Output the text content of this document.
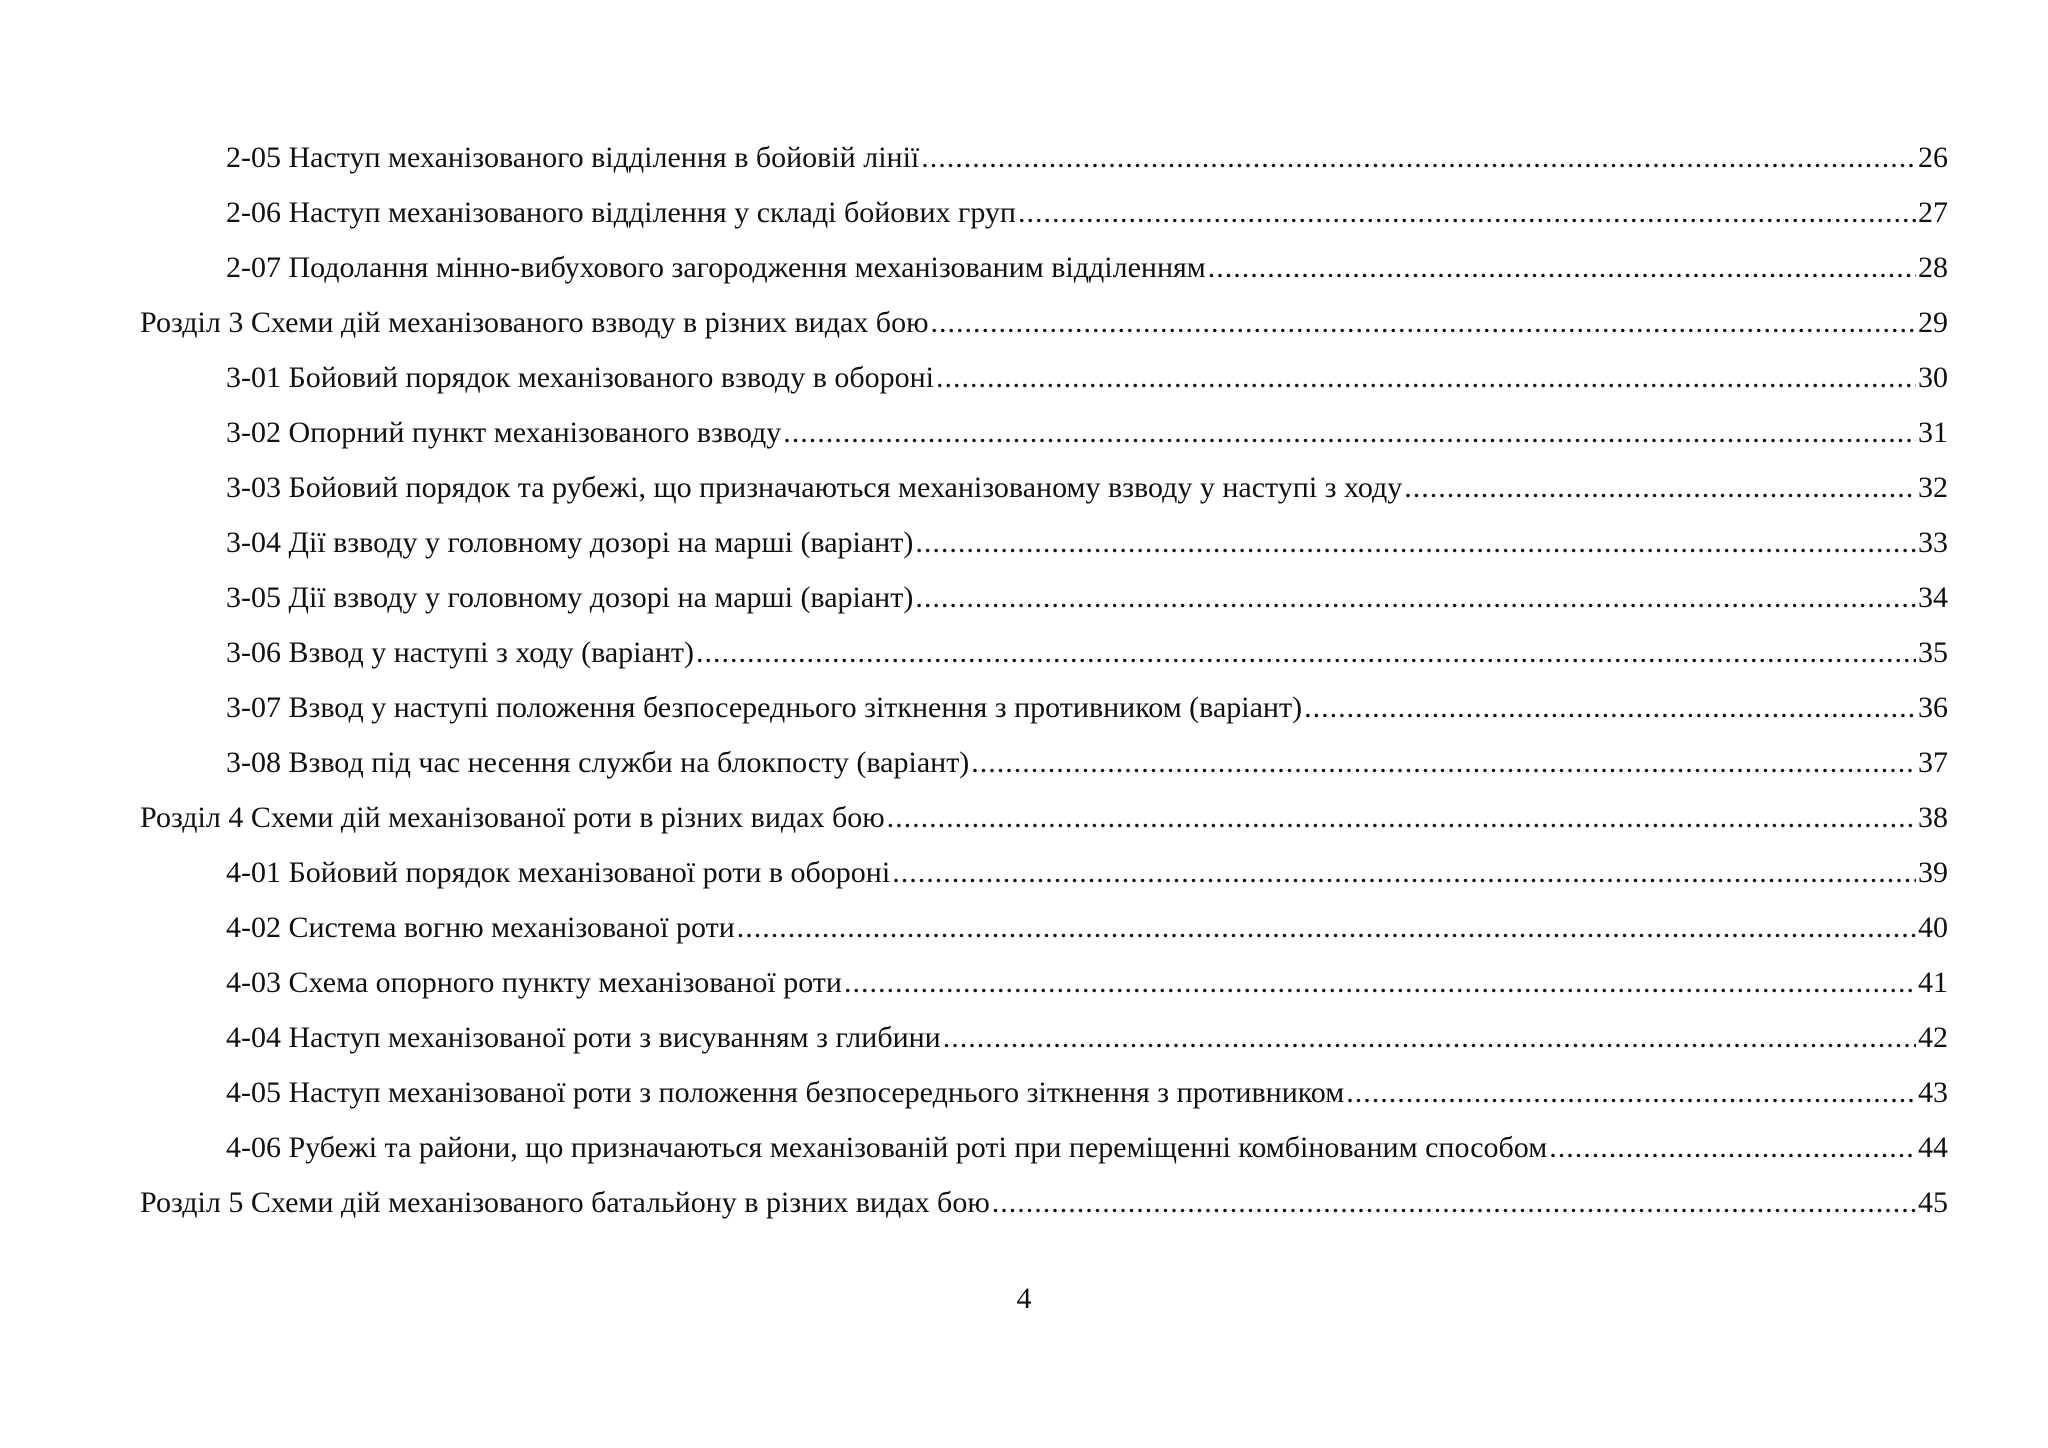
2-05 Наступ механізованого відділення в бойовій лінії .....	26
2-06 Наступ механізованого відділення у складі бойових груп .....	27
2-07 Подолання мінно-вибухового загородження механізованим відділенням .....	28
Розділ 3 Схеми дій механізованого взводу в різних видах бою .....	29
3-01 Бойовий порядок механізованого взводу в обороні .....	30
3-02 Опорний пункт механізованого взводу .....	31
3-03 Бойовий порядок та рубежі, що призначаються механізованому взводу у наступі з ходу .....	32
3-04 Дії взводу у головному дозорі на марші (варіант) .....	33
3-05 Дії взводу у головному дозорі на марші (варіант) .....	34
3-06 Взвод у наступі з ходу (варіант) .....	35
3-07 Взвод у наступі положення безпосереднього зіткнення з противником (варіант) .....	36
3-08 Взвод під час несення служби на блокпосту (варіант) .....	37
Розділ 4 Схеми дій механізованої роти в різних видах бою .....	38
4-01 Бойовий порядок механізованої роти в обороні .....	39
4-02 Система вогню механізованої роти .....	40
4-03 Схема опорного пункту механізованої роти .....	41
4-04 Наступ механізованої роти з висуванням з глибини .....	42
4-05 Наступ механізованої роти з положення безпосереднього зіткнення з противником .....	43
4-06 Рубежі та райони, що призначаються механізованій роті при переміщенні комбінованим способом .....	44
Розділ 5 Схеми дій механізованого батальйону в різних видах бою .....	45
4
